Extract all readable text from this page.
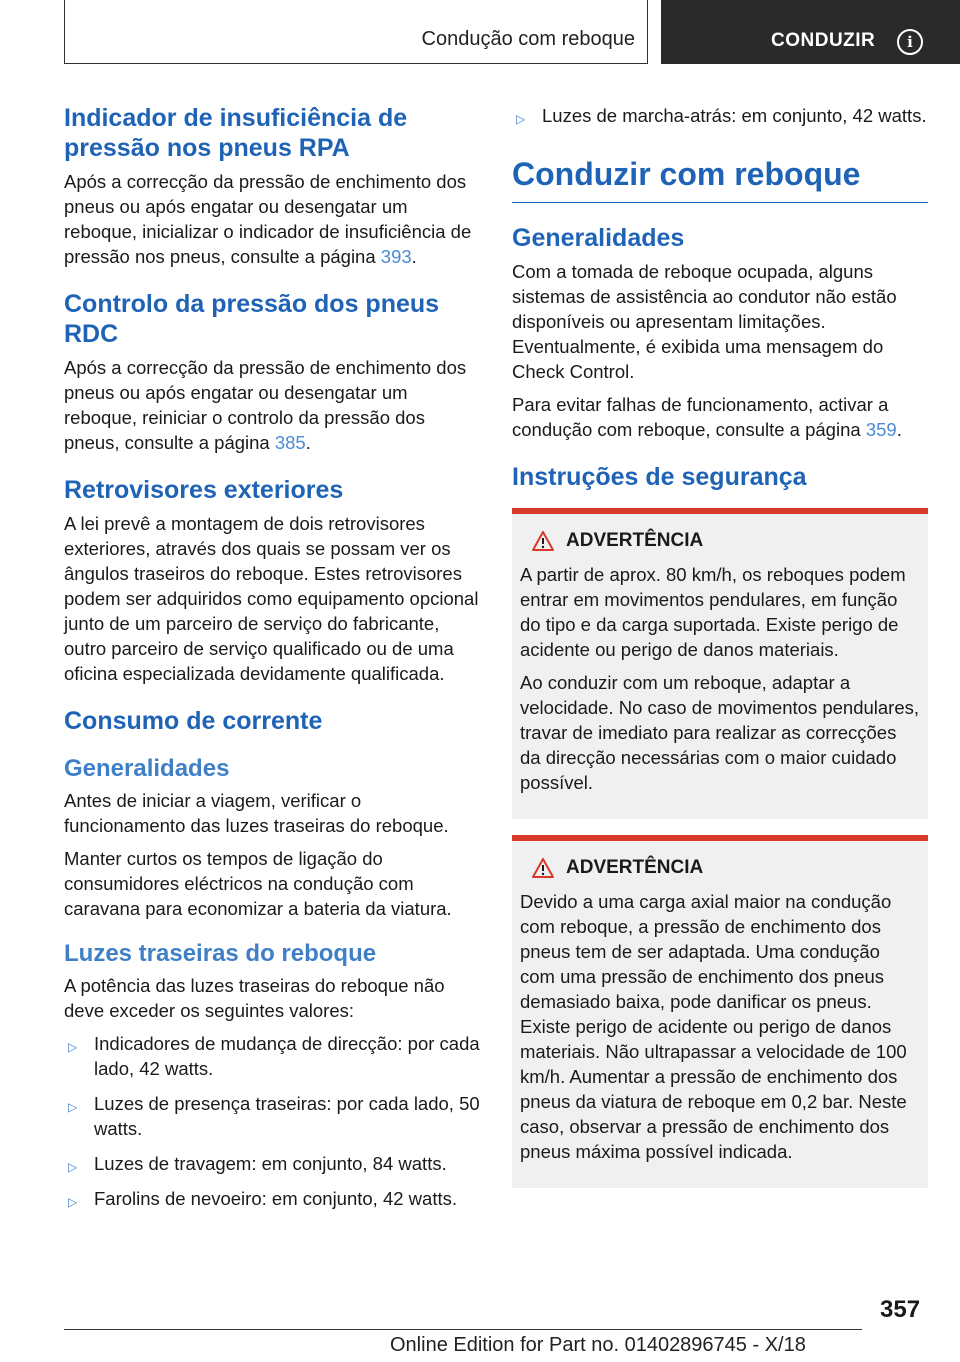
Condução com reboque	CONDUZIR	i
Indicador de insuficiência de pressão nos pneus RPA

Após a correcção da pressão de enchimento dos pneus ou após engatar ou desengatar um reboque, inicializar o indicador de insuficiência de pressão nos pneus, consulte a página 393.

Controlo da pressão dos pneus RDC

Após a correcção da pressão de enchimento dos pneus ou após engatar ou desengatar um reboque, reiniciar o controlo da pressão dos pneus, consulte a página 385.

Retrovisores exteriores

A lei prevê a montagem de dois retrovisores exteriores, através dos quais se possam ver os ângulos traseiros do reboque. Estes retrovisores podem ser adquiridos como equipamento opcional junto de um parceiro de serviço do fabricante, outro parceiro de serviço qualificado ou de uma oficina especializada devidamente qualificada.

Consumo de corrente
Generalidades

Antes de iniciar a viagem, verificar o funcionamento das luzes traseiras do reboque.

Manter curtos os tempos de ligação do consumidores eléctricos na condução com caravana para economizar a bateria da viatura.

Luzes traseiras do reboque

A potência das luzes traseiras do reboque não deve exceder os seguintes valores:

▷ Indicadores de mudança de direcção: por cada lado, 42 watts.
▷ Luzes de presença traseiras: por cada lado, 50 watts.
▷ Luzes de travagem: em conjunto, 84 watts.
▷ Farolins de nevoeiro: em conjunto, 42 watts.
▷ Luzes de marcha-atrás: em conjunto, 42 watts.
Conduzir com reboque
Generalidades

Com a tomada de reboque ocupada, alguns sistemas de assistência ao condutor não estão disponíveis ou apresentam limitações. Eventualmente, é exibida uma mensagem do Check Control.

Para evitar falhas de funcionamento, activar a condução com reboque, consulte a página 359.

Instruções de segurança
ADVERTÊNCIA

A partir de aprox. 80 km/h, os reboques podem entrar em movimentos pendulares, em função do tipo e da carga suportada. Existe perigo de acidente ou perigo de danos materiais.

Ao conduzir com um reboque, adaptar a velocidade. No caso de movimentos pendulares, travar de imediato para realizar as correcções da direcção necessárias com o maior cuidado possível.

ADVERTÊNCIA

Devido a uma carga axial maior na condução com reboque, a pressão de enchimento dos pneus tem de ser adaptada. Uma condução com uma pressão de enchimento dos pneus demasiado baixa, pode danificar os pneus. Existe perigo de acidente ou perigo de danos materiais. Não ultrapassar a velocidade de 100 km/h. Aumentar a pressão de enchimento dos pneus da viatura de reboque em 0,2 bar. Neste caso, observar a pressão de enchimento dos pneus máxima possível indicada.

357
Online Edition for Part no. 01402896745 - X/18
